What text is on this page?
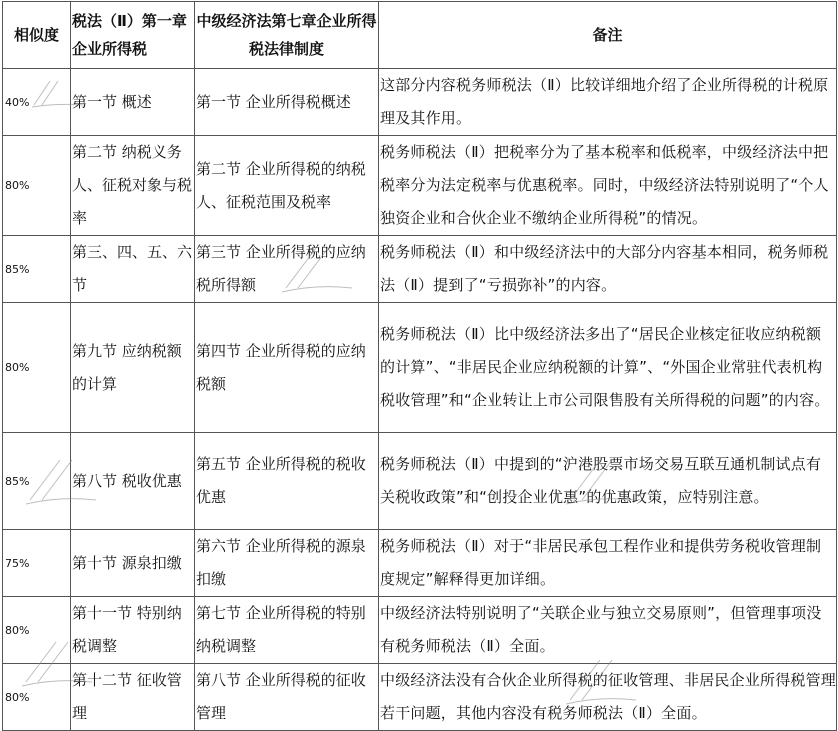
相似度	税法（Ⅱ）第一章企业所得税	中级经济法第七章企业所得税法律制度	备注
40%	第一节 概述	第一节 企业所得税概述	这部分内容税务师税法（Ⅱ）比较详细地介绍了企业所得税的计税原理及其作用。
80%	第二节 纳税义务人、征税对象与税率	第二节 企业所得税的纳税人、征税范围及税率	税务师税法（Ⅱ）把税率分为了基本税率和低税率，中级经济法中把税率分为法定税率与优惠税率。同时，中级经济法特别说明了“个人独资企业和合伙企业不缴纳企业所得税”的情况。
85%	第三、四、五、六节	第三节 企业所得税的应纳税所得额	税务师税法（Ⅱ）和中级经济法中的大部分内容基本相同，税务师税法（Ⅱ）提到了“亏损弥补”的内容。
80%	第九节 应纳税额的计算	第四节 企业所得税的应纳税额	税务师税法（Ⅱ）比中级经济法多出了“居民企业核定征收应纳税额的计算”、“非居民企业应纳税额的计算”、“外国企业常驻代表机构税收管理”和“企业转让上市公司限售股有关所得税的问题”的内容。
85%	第八节 税收优惠	第五节 企业所得税的税收优惠	税务师税法（Ⅱ）中提到的“沪港股票市场交易互联互通机制试点有关税收政策”和“创投企业优惠”的优惠政策，应特别注意。
75%	第十节 源泉扣缴	第六节 企业所得税的源泉扣缴	税务师税法（Ⅱ）对于“非居民承包工程作业和提供劳务税收管理制度规定”解释得更加详细。
80%	第十一节 特别纳税调整	第七节 企业所得税的特别纳税调整	中级经济法特别说明了“关联企业与独立交易原则”，但管理事项没有税务师税法（Ⅱ）全面。
80%	第十二节 征收管理	第八节 企业所得税的征收管理	中级经济法没有合伙企业所得税的征收管理、非居民企业所得税管理若干问题，其他内容没有税务师税法（Ⅱ）全面。
